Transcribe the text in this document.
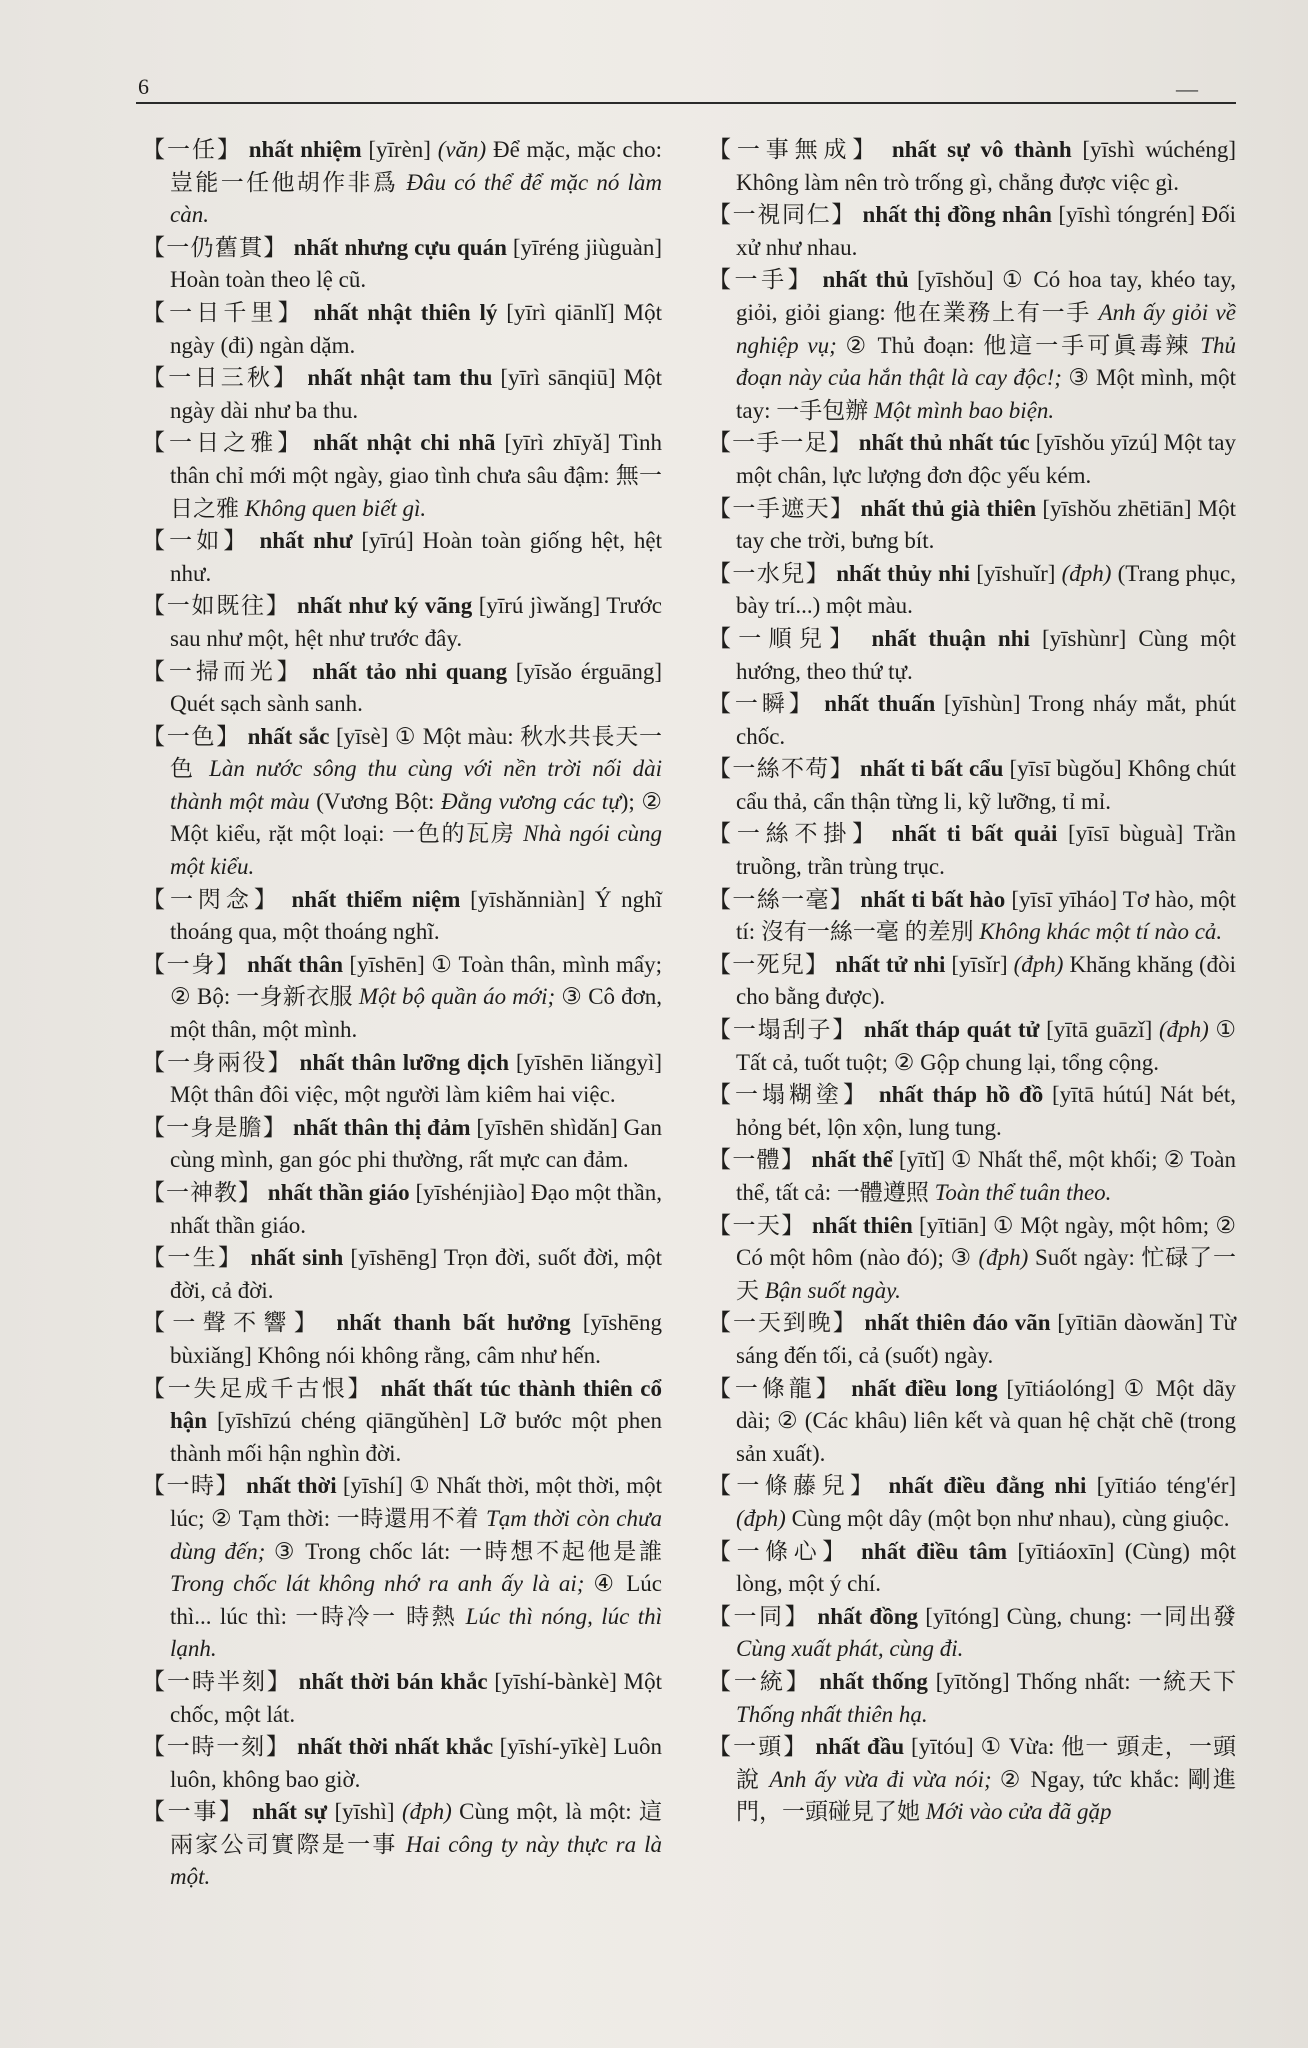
6	—
【一任】 nhất nhiệm [yīrèn] (văn) Để mặc, mặc cho: 豈能一任他胡作非爲 Đâu có thể để mặc nó làm càn.
【一仍舊貫】 nhất nhưng cựu quán [yīréng jiùguàn] Hoàn toàn theo lệ cũ.
【一日千里】 nhất nhật thiên lý [yīrì qiānlǐ] Một ngày (đi) ngàn dặm.
【一日三秋】 nhất nhật tam thu [yīrì sānqiū] Một ngày dài như ba thu.
【一日之雅】 nhất nhật chi nhã [yīrì zhīyǎ] Tình thân chỉ mới một ngày, giao tình chưa sâu đậm: 無一日之雅 Không quen biết gì.
【一如】 nhất như [yīrú] Hoàn toàn giống hệt, hệt như.
【一如既往】 nhất như ký vãng [yīrú jìwǎng] Trước sau như một, hệt như trước đây.
【一掃而光】 nhất tảo nhi quang [yīsǎo érguāng] Quét sạch sành sanh.
【一色】 nhất sắc [yīsè] ① Một màu: 秋水共長天一色 Làn nước sông thu cùng với nền trời nối dài thành một màu (Vương Bột: Đằng vương các tự); ② Một kiểu, rặt một loại: 一色的瓦房 Nhà ngói cùng một kiểu.
【一閃念】 nhất thiểm niệm [yīshǎnniàn] Ý nghĩ thoáng qua, một thoáng nghĩ.
【一身】 nhất thân [yīshēn] ① Toàn thân, mình mẩy; ② Bộ: 一身新衣服 Một bộ quần áo mới; ③ Cô đơn, một thân, một mình.
【一身兩役】 nhất thân lưỡng dịch [yīshēn liǎngyì] Một thân đôi việc, một người làm kiêm hai việc.
【一身是膽】 nhất thân thị đảm [yīshēn shìdǎn] Gan cùng mình, gan góc phi thường, rất mực can đảm.
【一神教】 nhất thần giáo [yīshénjiào] Đạo một thần, nhất thần giáo.
【一生】 nhất sinh [yīshēng] Trọn đời, suốt đời, một đời, cả đời.
【一聲不響】 nhất thanh bất hưởng [yīshēng bùxiǎng] Không nói không rằng, câm như hến.
【一失足成千古恨】 nhất thất túc thành thiên cổ hận [yīshīzú chéng qiāngǔhèn] Lỡ bước một phen thành mối hận nghìn đời.
【一時】 nhất thời [yīshí] ① Nhất thời, một thời, một lúc; ② Tạm thời: 一時還用不着 Tạm thời còn chưa dùng đến; ③ Trong chốc lát: 一時想不起他是誰 Trong chốc lát không nhớ ra anh ấy là ai; ④ Lúc thì... lúc thì: 一時冷一 時熱 Lúc thì nóng, lúc thì lạnh.
【一時半刻】 nhất thời bán khắc [yīshí-bànkè] Một chốc, một lát.
【一時一刻】 nhất thời nhất khắc [yīshí-yīkè] Luôn luôn, không bao giờ.
【一事】 nhất sự [yīshì] (đph) Cùng một, là một: 這兩家公司實際是一事 Hai công ty này thực ra là một.
【一事無成】 nhất sự vô thành [yīshì wúchéng] Không làm nên trò trống gì, chẳng được việc gì.
【一視同仁】 nhất thị đồng nhân [yīshì tóngrén] Đối xử như nhau.
【一手】 nhất thủ [yīshǒu] ① Có hoa tay, khéo tay, giỏi, giỏi giang: 他在業務上有一手 Anh ấy giỏi về nghiệp vụ; ② Thủ đoạn: 他這一手可眞毒辣 Thủ đoạn này của hắn thật là cay độc!; ③ Một mình, một tay: 一手包辦 Một mình bao biện.
【一手一足】 nhất thủ nhất túc [yīshǒu yīzú] Một tay một chân, lực lượng đơn độc yếu kém.
【一手遮天】 nhất thủ già thiên [yīshǒu zhētiān] Một tay che trời, bưng bít.
【一水兒】 nhất thủy nhi [yīshuǐr] (đph) (Trang phục, bày trí...) một màu.
【一順兒】 nhất thuận nhi [yīshùnr] Cùng một hướng, theo thứ tự.
【一瞬】 nhất thuấn [yīshùn] Trong nháy mắt, phút chốc.
【一絲不苟】 nhất ti bất cẩu [yīsī bùgǒu] Không chút cẩu thả, cẩn thận từng li, kỹ lưỡng, tỉ mỉ.
【一絲不掛】 nhất ti bất quải [yīsī bùguà] Trần truồng, trần trùng trục.
【一絲一毫】 nhất ti bất hào [yīsī yīháo] Tơ hào, một tí: 沒有一絲一毫 的差別 Không khác một tí nào cả.
【一死兒】 nhất tử nhi [yīsǐr] (đph) Khăng khăng (đòi cho bằng được).
【一塌刮子】 nhất tháp quát tử [yītā guāzǐ] (đph) ① Tất cả, tuốt tuột; ② Gộp chung lại, tổng cộng.
【一塌糊塗】 nhất tháp hồ đồ [yītā hútú] Nát bét, hỏng bét, lộn xộn, lung tung.
【一體】 nhất thể [yītǐ] ① Nhất thể, một khối; ② Toàn thể, tất cả: 一體遵照 Toàn thể tuân theo.
【一天】 nhất thiên [yītiān] ① Một ngày, một hôm; ② Có một hôm (nào đó); ③ (đph) Suốt ngày: 忙碌了一天 Bận suốt ngày.
【一天到晚】 nhất thiên đáo vãn [yītiān dàowǎn] Từ sáng đến tối, cả (suốt) ngày.
【一條龍】 nhất điều long [yītiáolóng] ① Một dãy dài; ② (Các khâu) liên kết và quan hệ chặt chẽ (trong sản xuất).
【一條藤兒】 nhất điều đằng nhi [yītiáo téng'ér] (đph) Cùng một dây (một bọn như nhau), cùng giuộc.
【一條心】 nhất điều tâm [yītiáoxīn] (Cùng) một lòng, một ý chí.
【一同】 nhất đồng [yītóng] Cùng, chung: 一同出發 Cùng xuất phát, cùng đi.
【一統】 nhất thống [yītǒng] Thống nhất: 一統天下 Thống nhất thiên hạ.
【一頭】 nhất đầu [yītóu] ① Vừa: 他一 頭走，一頭說 Anh ấy vừa đi vừa nói; ② Ngay, tức khắc: 剛進門，一頭碰見了她 Mới vào cửa đã gặp
